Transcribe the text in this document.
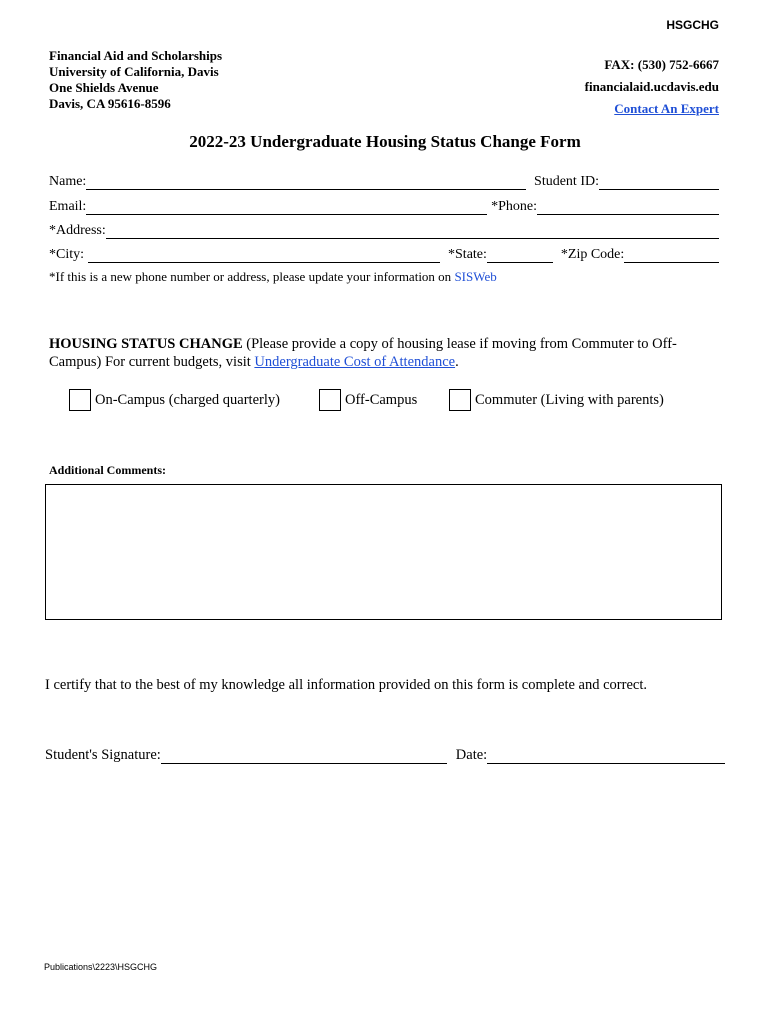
HSGCHG
Financial Aid and Scholarships
University of California, Davis
One Shields Avenue
Davis, CA 95616-8596
FAX: (530) 752-6667
financialaid.ucdavis.edu
Contact An Expert
2022-23 Undergraduate Housing Status Change Form
Name:	Student ID:
Email:	*Phone:
*Address:
*City:	*State:	*Zip Code:
*If this is a new phone number or address, please update your information on SISWeb
HOUSING STATUS CHANGE (Please provide a copy of housing lease if moving from Commuter to Off-Campus) For current budgets, visit Undergraduate Cost of Attendance.
On-Campus (charged quarterly)	Off-Campus	Commuter (Living with parents)
Additional Comments:
I certify that to the best of my knowledge all information provided on this form is complete and correct.
Student's Signature:	Date:
Publications\2223\HSGCHG
